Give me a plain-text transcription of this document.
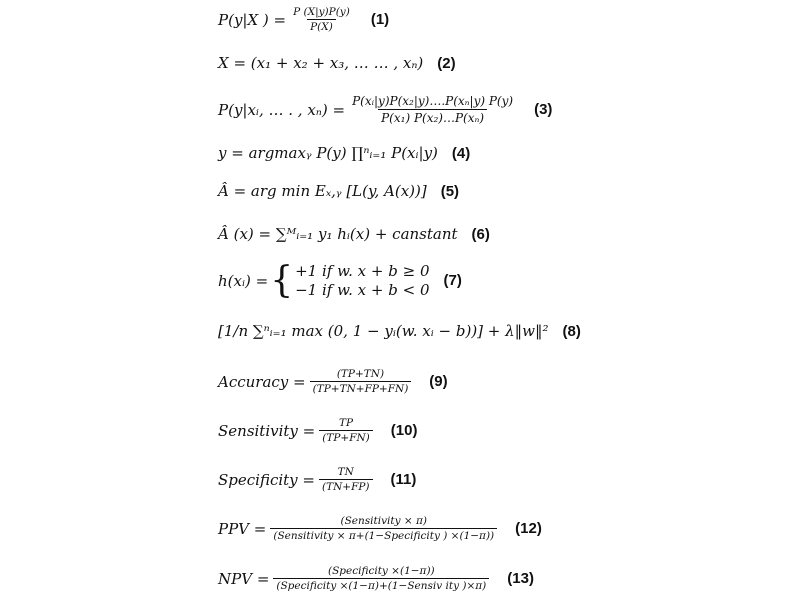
P(y|X ) = $\frac{P (X|y)P(y)}{P(X)} (1)$
X = (x₁ + x₂ + x₃, … … , xₙ) (2)
P(y|xᵢ, … . , $x_n) = \frac{\text{P(xᵢ|y)P(x₂|y)….P(xₙ|y) P(y)}}{\text{P(x₁) P(x₂)…P(xₙ)}} (3)$
y = argmaxᵧ P(y) ∏ⁿᵢ₌₁ P(xᵢ|y) (4)
Â = arg min Eₓ,ᵧ [L(y, A(x))] (5)
Â (x) = ∑ᴹᵢ₌₁ y₁ hᵢ(x) + canstant (6)
h(xᵢ) = { +1 if w. x + b ≥ 0
−1 if w. x + b < 0 (7)
[1/n ∑ⁿᵢ₌₁ max (0, 1 − yᵢ(w. xᵢ − b))] + λ‖w‖² (8)
Accuracy = $\frac{(TP+TN)}{(TP+TN+FP+FN)} (9)$
Sensitivity = $\frac{TP}{(TP+FN)} (10)$
Specificity = $\frac{TN}{(TN+FP)} (11)$
PPV = $\frac{\text{(Sensitivity × π)}}{\text{(Sensitivity × π+(1−Specificity ) ×(1−π))}} (12)$
NPV = $\frac{\text{(Specificity ×(1−π))}}{\text{(Specificity ×(1−π)+(1−Sensiv ity )×π)}} (13)$
